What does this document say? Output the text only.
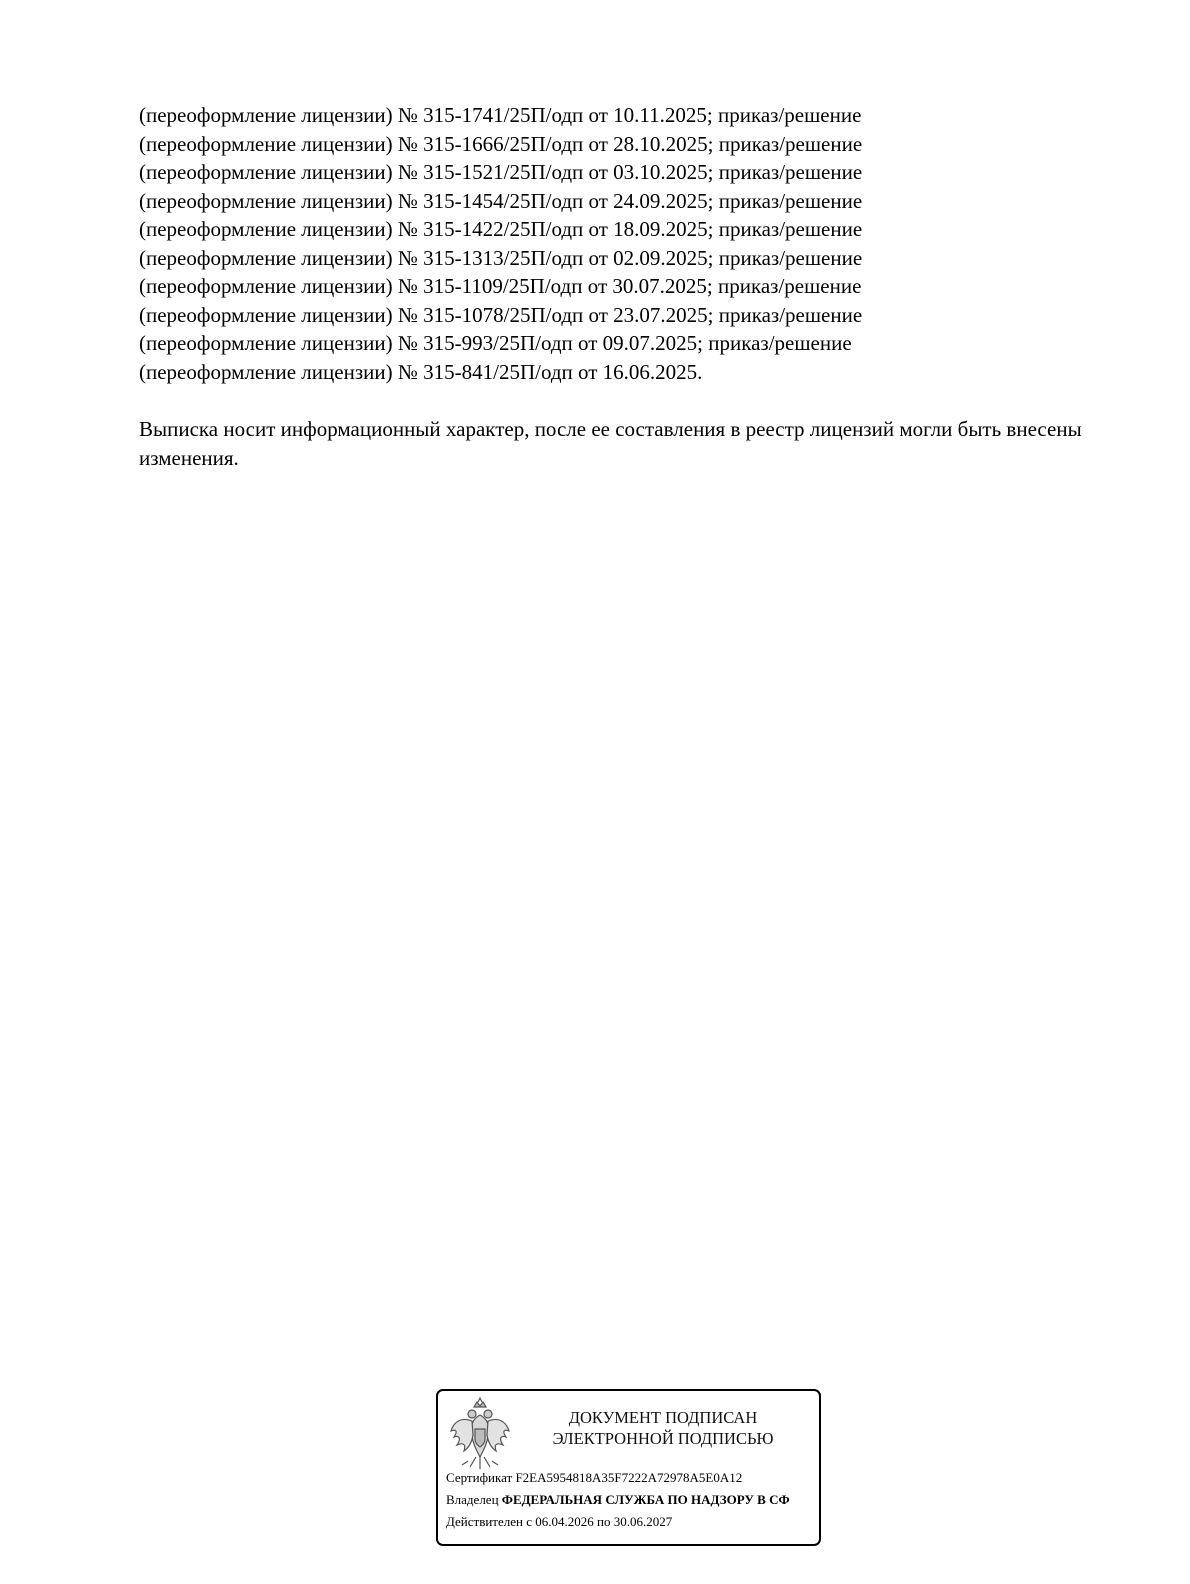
(переоформление лицензии) № 315-1741/25П/одп от 10.11.2025; приказ/решение
(переоформление лицензии) № 315-1666/25П/одп от 28.10.2025; приказ/решение
(переоформление лицензии) № 315-1521/25П/одп от 03.10.2025; приказ/решение
(переоформление лицензии) № 315-1454/25П/одп от 24.09.2025; приказ/решение
(переоформление лицензии) № 315-1422/25П/одп от 18.09.2025; приказ/решение
(переоформление лицензии) № 315-1313/25П/одп от 02.09.2025; приказ/решение
(переоформление лицензии) № 315-1109/25П/одп от 30.07.2025; приказ/решение
(переоформление лицензии) № 315-1078/25П/одп от 23.07.2025; приказ/решение
(переоформление лицензии) № 315-993/25П/одп от 09.07.2025; приказ/решение
(переоформление лицензии) № 315-841/25П/одп от 16.06.2025.
Выписка носит информационный характер, после ее составления в реестр лицензий могли быть внесены изменения.
ДОКУМЕНТ ПОДПИСАН
ЭЛЕКТРОННОЙ ПОДПИСЬЮ
Сертификат F2EA5954818A35F7222A72978A5E0A12
Владелец ФЕДЕРАЛЬНАЯ СЛУЖБА ПО НАДЗОРУ В СФ
Действителен с 06.04.2026 по 30.06.2027
